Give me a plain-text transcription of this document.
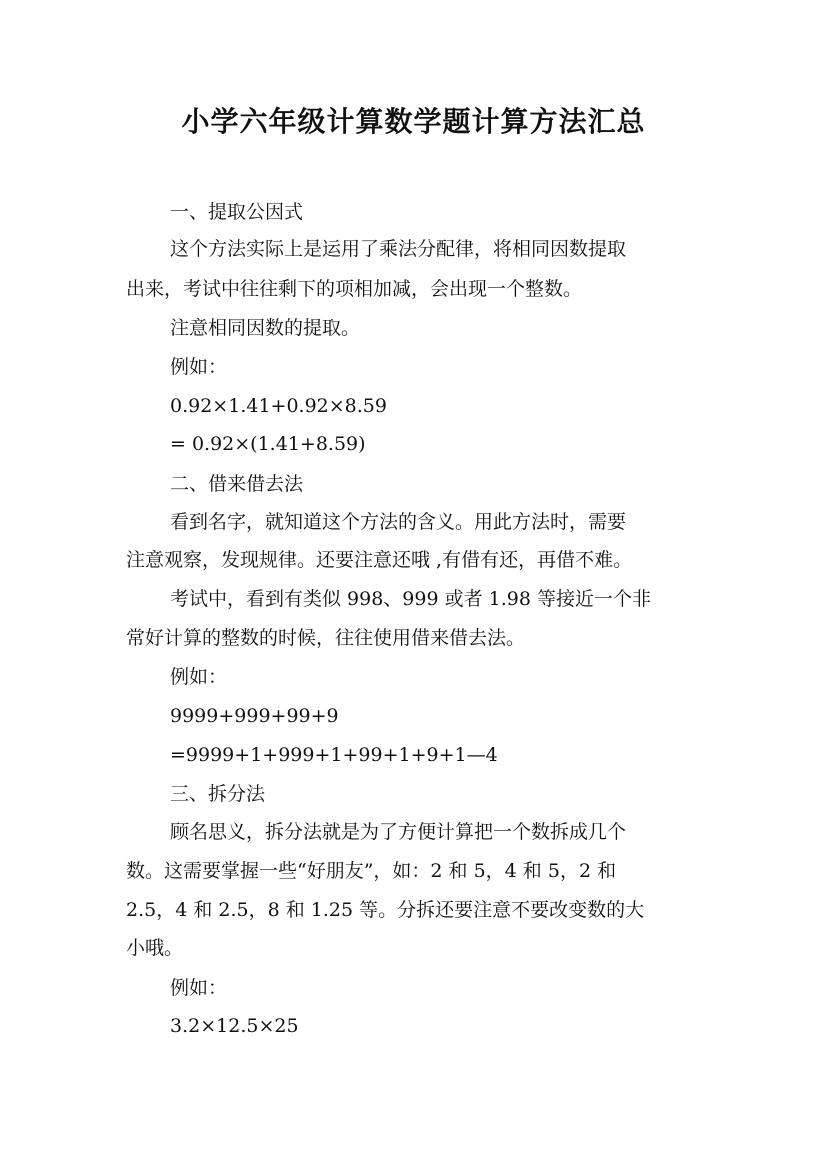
小学六年级计算数学题计算方法汇总

一、提取公因式

这个方法实际上是运用了乘法分配律，将相同因数提取

出来，考试中往往剩下的项相加减，会出现一个整数。

注意相同因数的提取。

例如：

0.92×1.41+0.92×8.59

= 0.92×(1.41+8.59)

二、借来借去法

看到名字，就知道这个方法的含义。用此方法时，需要

注意观察，发现规律。还要注意还哦 ,有借有还，再借不难。

考试中，看到有类似 998、999 或者 1.98 等接近一个非

常好计算的整数的时候，往往使用借来借去法。

例如：

9999+999+99+9

=9999+1+999+1+99+1+9+1—4

三、拆分法

顾名思义，拆分法就是为了方便计算把一个数拆成几个

数。这需要掌握一些“好朋友”，如：2 和 5，4 和 5，2 和

2.5，4 和 2.5，8 和 1.25 等。分拆还要注意不要改变数的大

小哦。

例如：

3.2×12.5×25
